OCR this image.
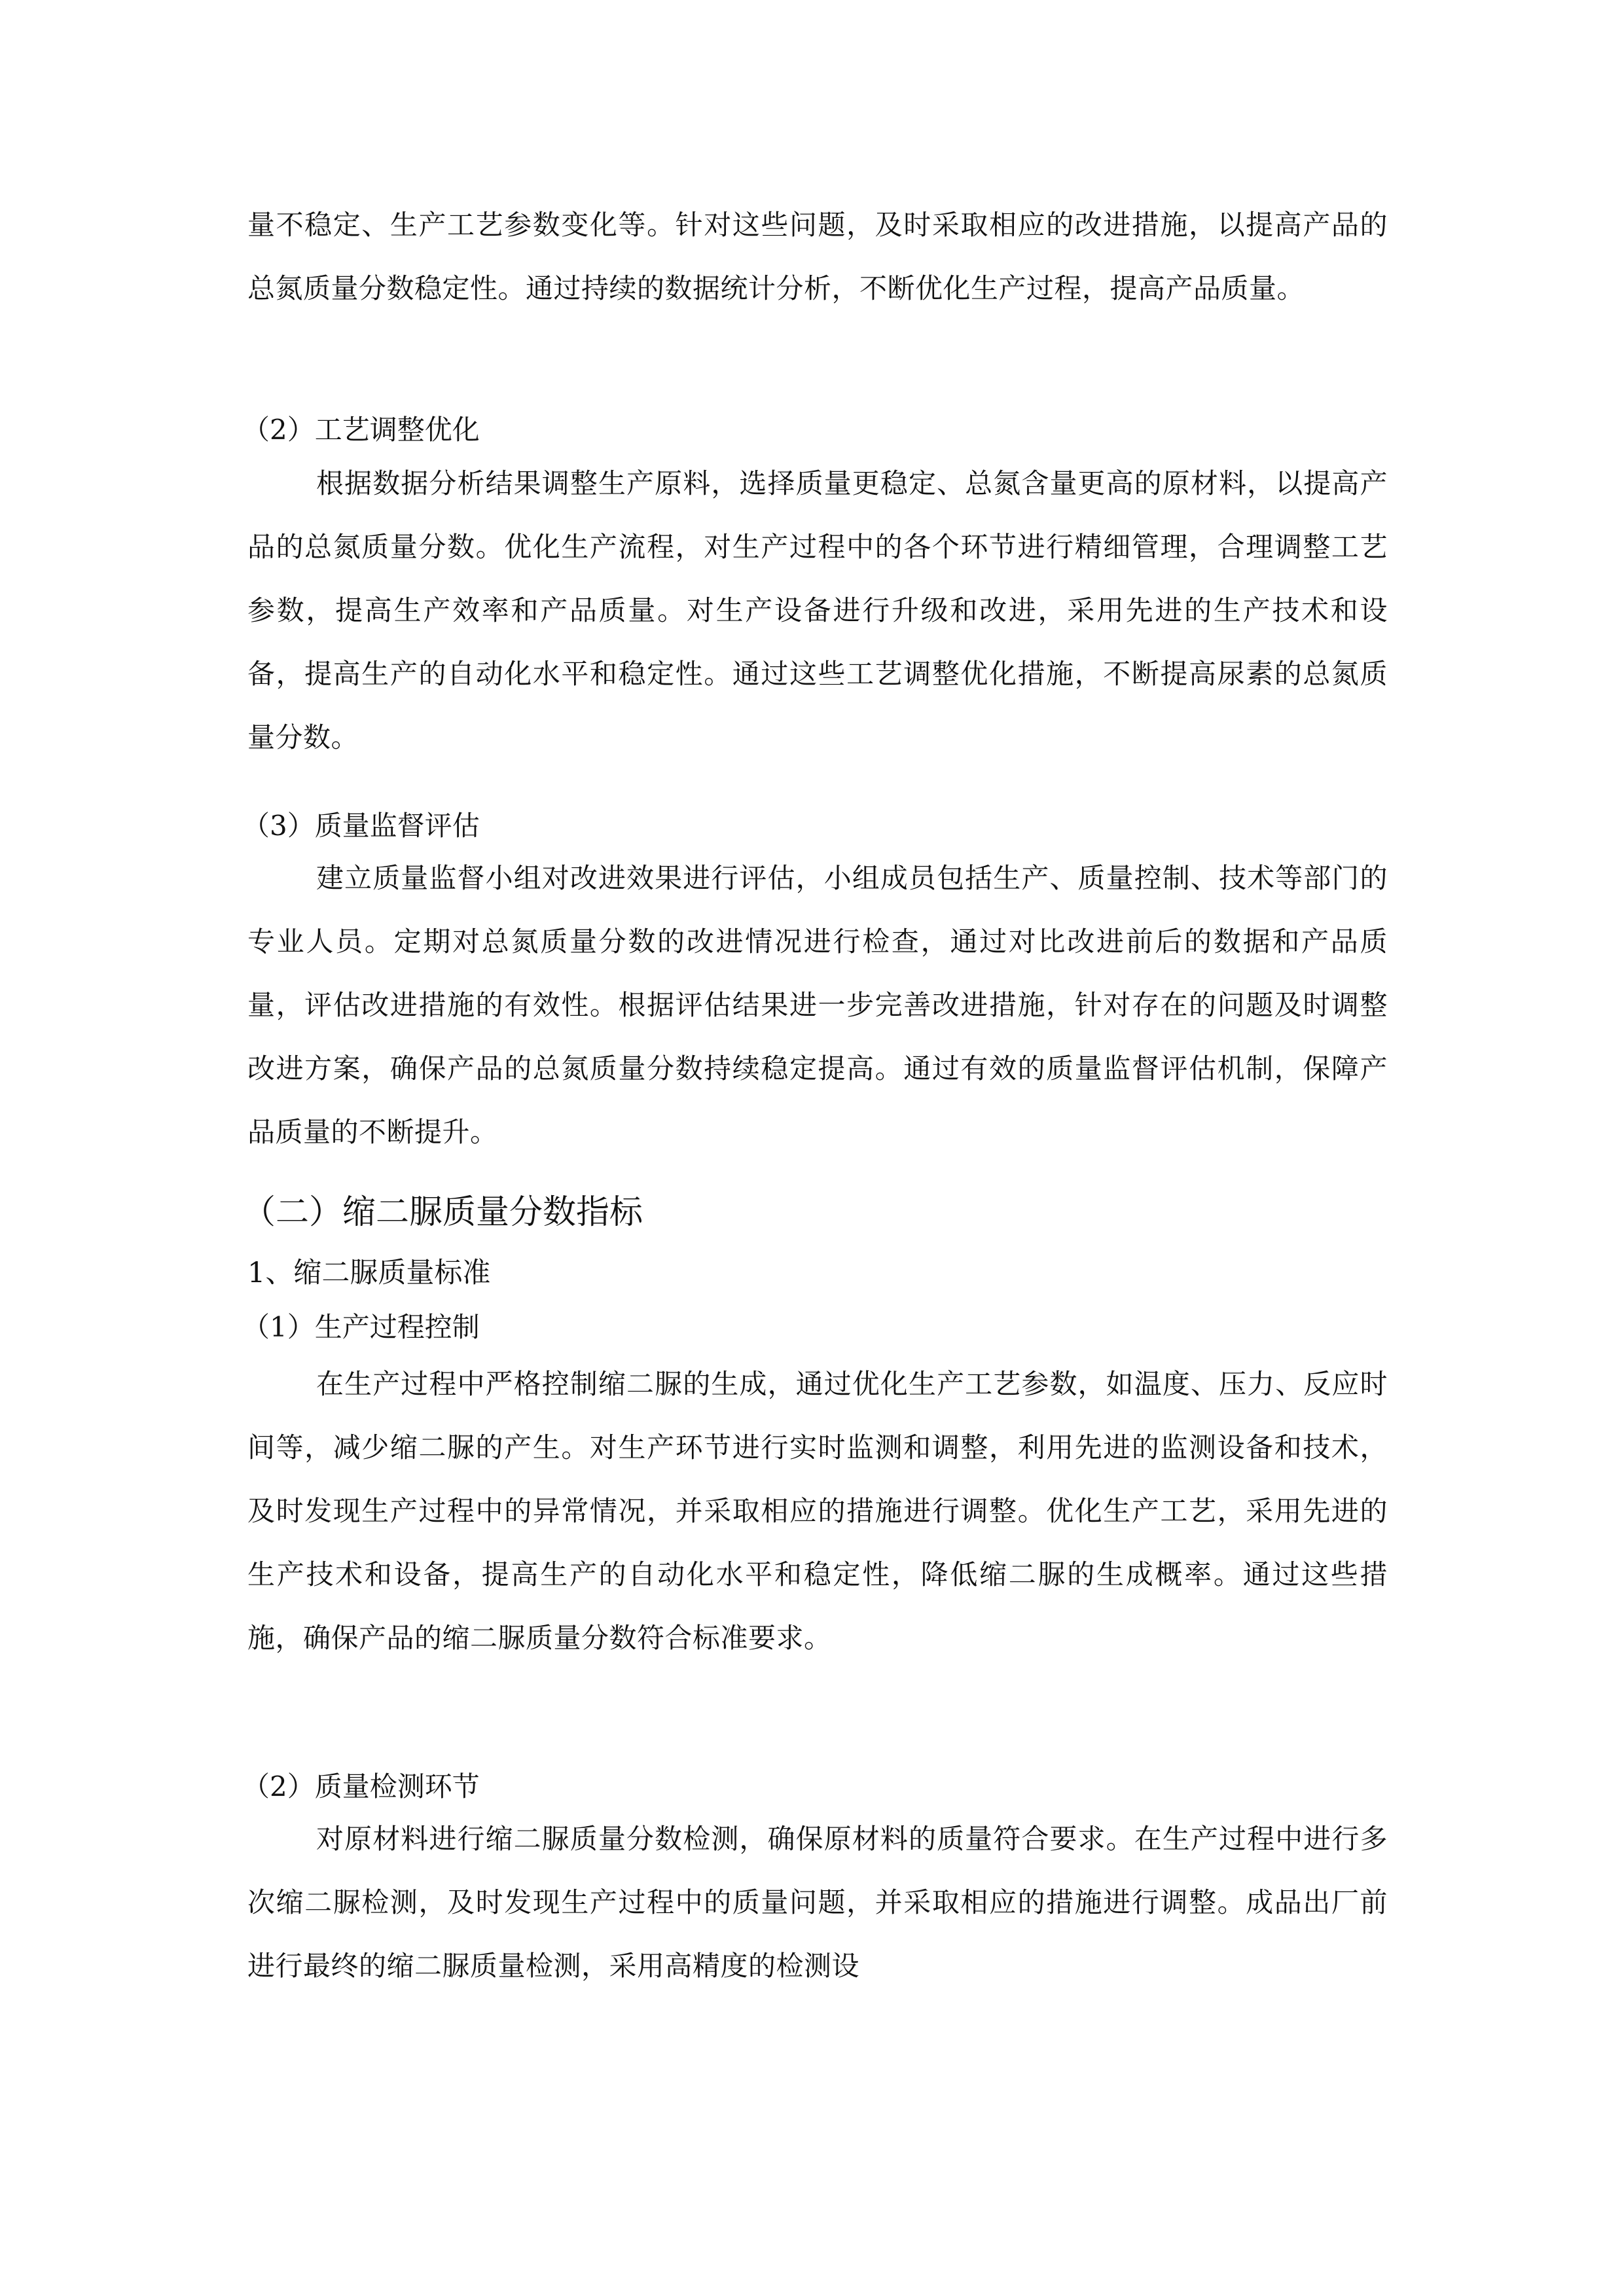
量不稳定、生产工艺参数变化等。针对这些问题，及时采取相应的改进措施，以提高产品的总氮质量分数稳定性。通过持续的数据统计分析，不断优化生产过程，提高产品质量。

（2）工艺调整优化

根据数据分析结果调整生产原料，选择质量更稳定、总氮含量更高的原材料，以提高产品的总氮质量分数。优化生产流程，对生产过程中的各个环节进行精细管理，合理调整工艺参数，提高生产效率和产品质量。对生产设备进行升级和改进，采用先进的生产技术和设备，提高生产的自动化水平和稳定性。通过这些工艺调整优化措施，不断提高尿素的总氮质量分数。

（3）质量监督评估

建立质量监督小组对改进效果进行评估，小组成员包括生产、质量控制、技术等部门的专业人员。定期对总氮质量分数的改进情况进行检查，通过对比改进前后的数据和产品质量，评估改进措施的有效性。根据评估结果进一步完善改进措施，针对存在的问题及时调整改进方案，确保产品的总氮质量分数持续稳定提高。通过有效的质量监督评估机制，保障产品质量的不断提升。

（二）缩二脲质量分数指标
1、缩二脲质量标准
（1）生产过程控制

在生产过程中严格控制缩二脲的生成，通过优化生产工艺参数，如温度、压力、反应时间等，减少缩二脲的产生。对生产环节进行实时监测和调整，利用先进的监测设备和技术，及时发现生产过程中的异常情况，并采取相应的措施进行调整。优化生产工艺，采用先进的生产技术和设备，提高生产的自动化水平和稳定性，降低缩二脲的生成概率。通过这些措施，确保产品的缩二脲质量分数符合标准要求。

（2）质量检测环节

对原材料进行缩二脲质量分数检测，确保原材料的质量符合要求。在生产过程中进行多次缩二脲检测，及时发现生产过程中的质量问题，并采取相应的措施进行调整。成品出厂前进行最终的缩二脲质量检测，采用高精度的检测设
